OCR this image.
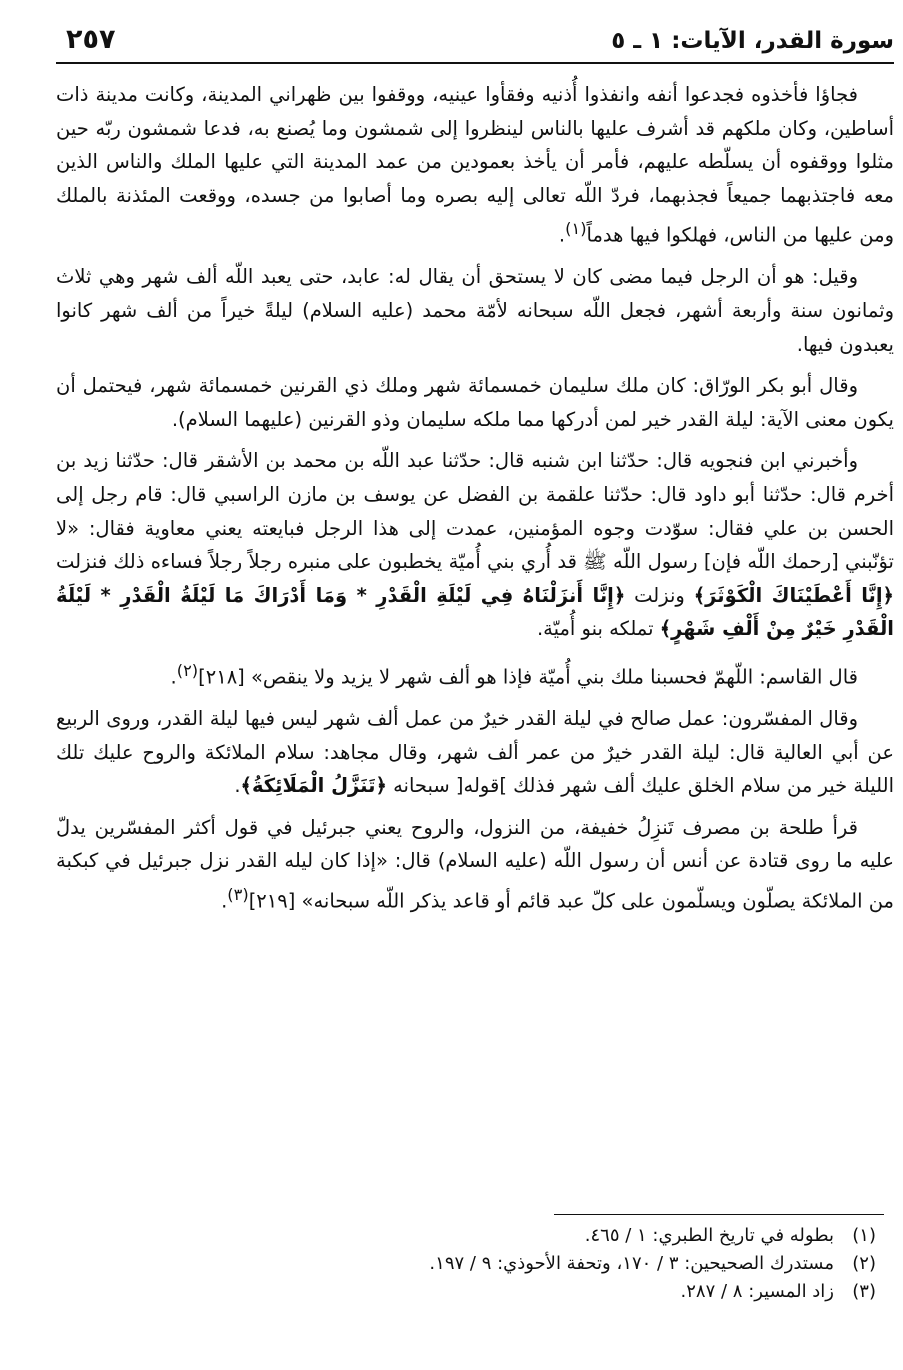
سورة القدر، الآيات: ١ ـ ٥
٢٥٧

فجاؤا فأخذوه فجدعوا أنفه وانفذوا أُذنيه وفقأوا عينيه، ووقفوا بين ظهراني المدينة، وكانت مدينة ذات أساطين، وكان ملكهم قد أشرف عليها بالناس لينظروا إلى شمشون وما يُصنع به، فدعا شمشون ربّه حين مثلوا ووقفوه أن يسلّطه عليهم، فأمر أن يأخذ بعمودين من عمد المدينة التي عليها الملك والناس الذين معه فاجتذبهما جميعاً فجذبهما، فردّ اللّه تعالى إليه بصره وما أصابوا من جسده، ووقعت المئذنة بالملك ومن عليها من الناس، فهلكوا فيها هدماً$^{(١)}$.

وقيل: هو أن الرجل فيما مضى كان لا يستحق أن يقال له: عابد، حتى يعبد اللّه ألف شهر وهي ثلاث وثمانون سنة وأربعة أشهر، فجعل اللّه سبحانه لأمّة محمد (عليه السلام) ليلةً خيراً من ألف شهر كانوا يعبدون فيها.

وقال أبو بكر الورّاق: كان ملك سليمان خمسمائة شهر وملك ذي القرنين خمسمائة شهر، فيحتمل أن يكون معنى الآية: ليلة القدر خير لمن أدركها مما ملكه سليمان وذو القرنين (عليهما السلام).

وأخبرني ابن فنجويه قال: حدّثنا ابن شنبه قال: حدّثنا عبد اللّه بن محمد بن الأشقر قال: حدّثنا زيد بن أخرم قال: حدّثنا أبو داود قال: حدّثنا علقمة بن الفضل عن يوسف بن مازن الراسبي قال: قام رجل إلى الحسن بن علي فقال: سوّدت وجوه المؤمنين، عمدت إلى هذا الرجل فبايعته يعني معاوية فقال: «لا تؤنّبني [رحمك اللّه فإن] رسول اللّه ﷺ قد أُري بني أُميّة يخطبون على منبره رجلاً رجلاً فساءه ذلك فنزلت ﴿إِنَّا أَعْطَيْنَاكَ الْكَوْثَرَ﴾ ونزلت ﴿إِنَّا أَنزَلْنَاهُ فِي لَيْلَةِ الْقَدْرِ * وَمَا أَدْرَاكَ مَا لَيْلَةُ الْقَدْرِ * لَيْلَةُ الْقَدْرِ خَيْرٌ مِنْ أَلْفِ شَهْرٍ﴾ تملكه بنو أُميّة.

قال القاسم: اللّهمّ فحسبنا ملك بني أُميّة فإذا هو ألف شهر لا يزيد ولا ينقص» [٢١٨]$^{(٢)}$.

وقال المفسّرون: عمل صالح في ليلة القدر خيرٌ من عمل ألف شهر ليس فيها ليلة القدر، وروى الربيع عن أبي العالية قال: ليلة القدر خيرٌ من عمر ألف شهر، وقال مجاهد: سلام الملائكة والروح عليك تلك الليلة خير من سلام الخلق عليك ألف شهر فذلك ]قوله[ سبحانه ﴿تَنَزَّلُ الْمَلَائِكَةُ﴾.

قرأ طلحة بن مصرف تَنزِلُ خفيفة، من النزول، والروح يعني جبرئيل في قول أكثر المفسّرين يدلّ عليه ما روى قتادة عن أنس أن رسول اللّه (عليه السلام) قال: «إذا كان ليله القدر نزل جبرئيل في كبكبة من الملائكة يصلّون ويسلّمون على كلّ عبد قائم أو قاعد يذكر اللّه سبحانه» [٢١٩]$^{(٣)}$.

(١)بطوله في تاريخ الطبري: ١ / ٤٦٥.
(٢)مستدرك الصحيحين: ٣ / ١٧٠، وتحفة الأحوذي: ٩ / ١٩٧.
(٣)زاد المسير: ٨ / ٢٨٧.
